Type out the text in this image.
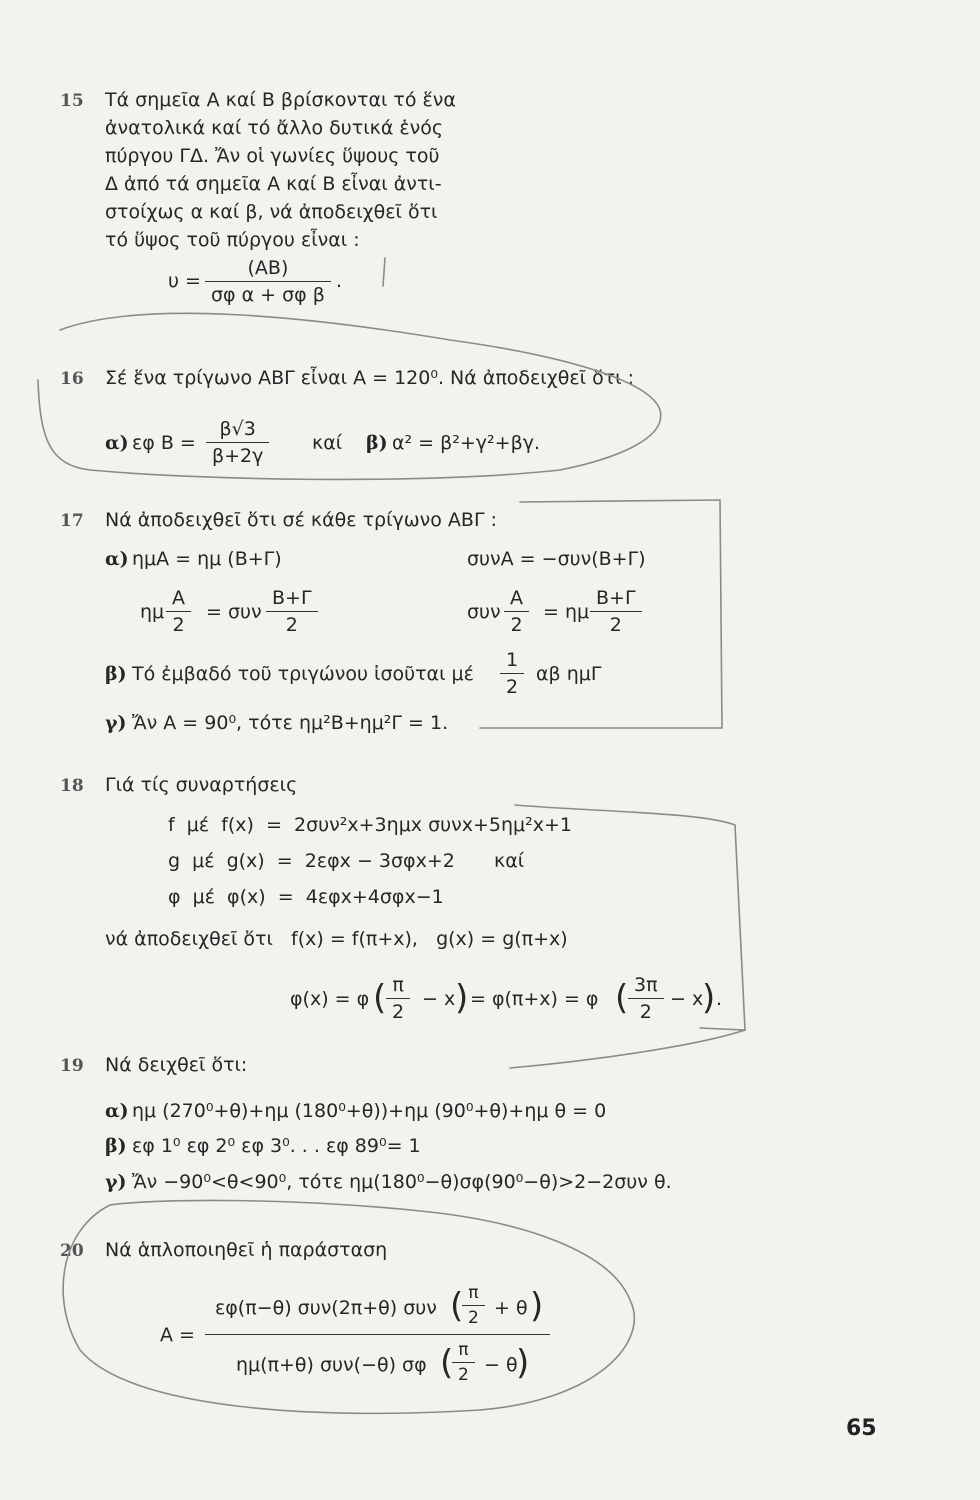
15 Τά σημεῖα Α καί Β βρίσκονται τό ἕνα
ἀνατολικά καί τό ἄλλο δυτικά ἑνός
πύργου ΓΔ. Ἄν οἱ γωνίες ὕψους τοῦ
Δ ἀπό τά σημεῖα Α καί Β εἶναι ἀντι-
στοίχως α καί β, νά ἀποδειχθεῖ ὅτι
τό ὕψος τοῦ πύργου εἶναι :
$\upsilon = \frac{(AB)}{\text{σφ α + σφ β}}$ .
16 Σέ ἕνα τρίγωνο ΑΒΓ εἶναι Α = 120⁰. Νά ἀποδειχθεῖ ὅτι :
α) εφ $B = \frac{\beta√3}{\beta+2\gamma}$ καί β) α² = β²+γ²+βγ.
17 Νά ἀποδειχθεῖ ὅτι σέ κάθε τρίγωνο ΑΒΓ :
α) ημΑ = ημ (Β+Γ)	συνΑ = −συν(Β+Γ)
ημ $\frac{A}{2} = \sigma\upsilon\nu \frac{B+\Gamma}{2}$	συν $\frac{A}{2} = \eta\mu \frac{B+\Gamma}{2}$
β) Τό ἐμβαδό τοῦ τριγώνου ἰσοῦται μέ $\frac{1}{2}$ αβ ημΓ
γ) Ἄν Α = 90⁰, τότε ημ²Β+ημ²Γ = 1.
18 Γιά τίς συναρτήσεις
f  μέ  f(x)  =  2συν²x+3ημx συνx+5ημ²x+1
g  μέ  g(x)  =  2εφx − 3σφx+2 καί
φ  μέ  φ(x)  =  4εφx+4σφx−1
νά ἀποδειχθεῖ ὅτι   f(x) = f(π+x),   g(x) = g(π+x)
φ(x) = φ ( $\frac{\pi}{2} - x$ ) = φ(π+x) = φ ( $\frac{3\pi}{2} - x$
) .
19 Νά δειχθεῖ ὅτι:
α) ημ (270⁰+θ)+ημ (180⁰+θ))+ημ (90⁰+θ)+ημ θ = 0
β) εφ 1⁰ εφ 2⁰ εφ 3⁰. . . εφ 89⁰= 1
γ) Ἄν −90⁰<θ<90⁰, τότε ημ(180⁰−θ)σφ(90⁰−θ)>2−2συν θ.
20 Νά ἁπλοποιηθεῖ ἡ παράσταση
Α =
εφ(π−θ) συν(2π+θ) συν (
$\frac{\pi}{2} + \theta$ )
ημ(π+θ) συν(−θ) σφ (
$\frac{\pi}{2} - \theta$
)
65
